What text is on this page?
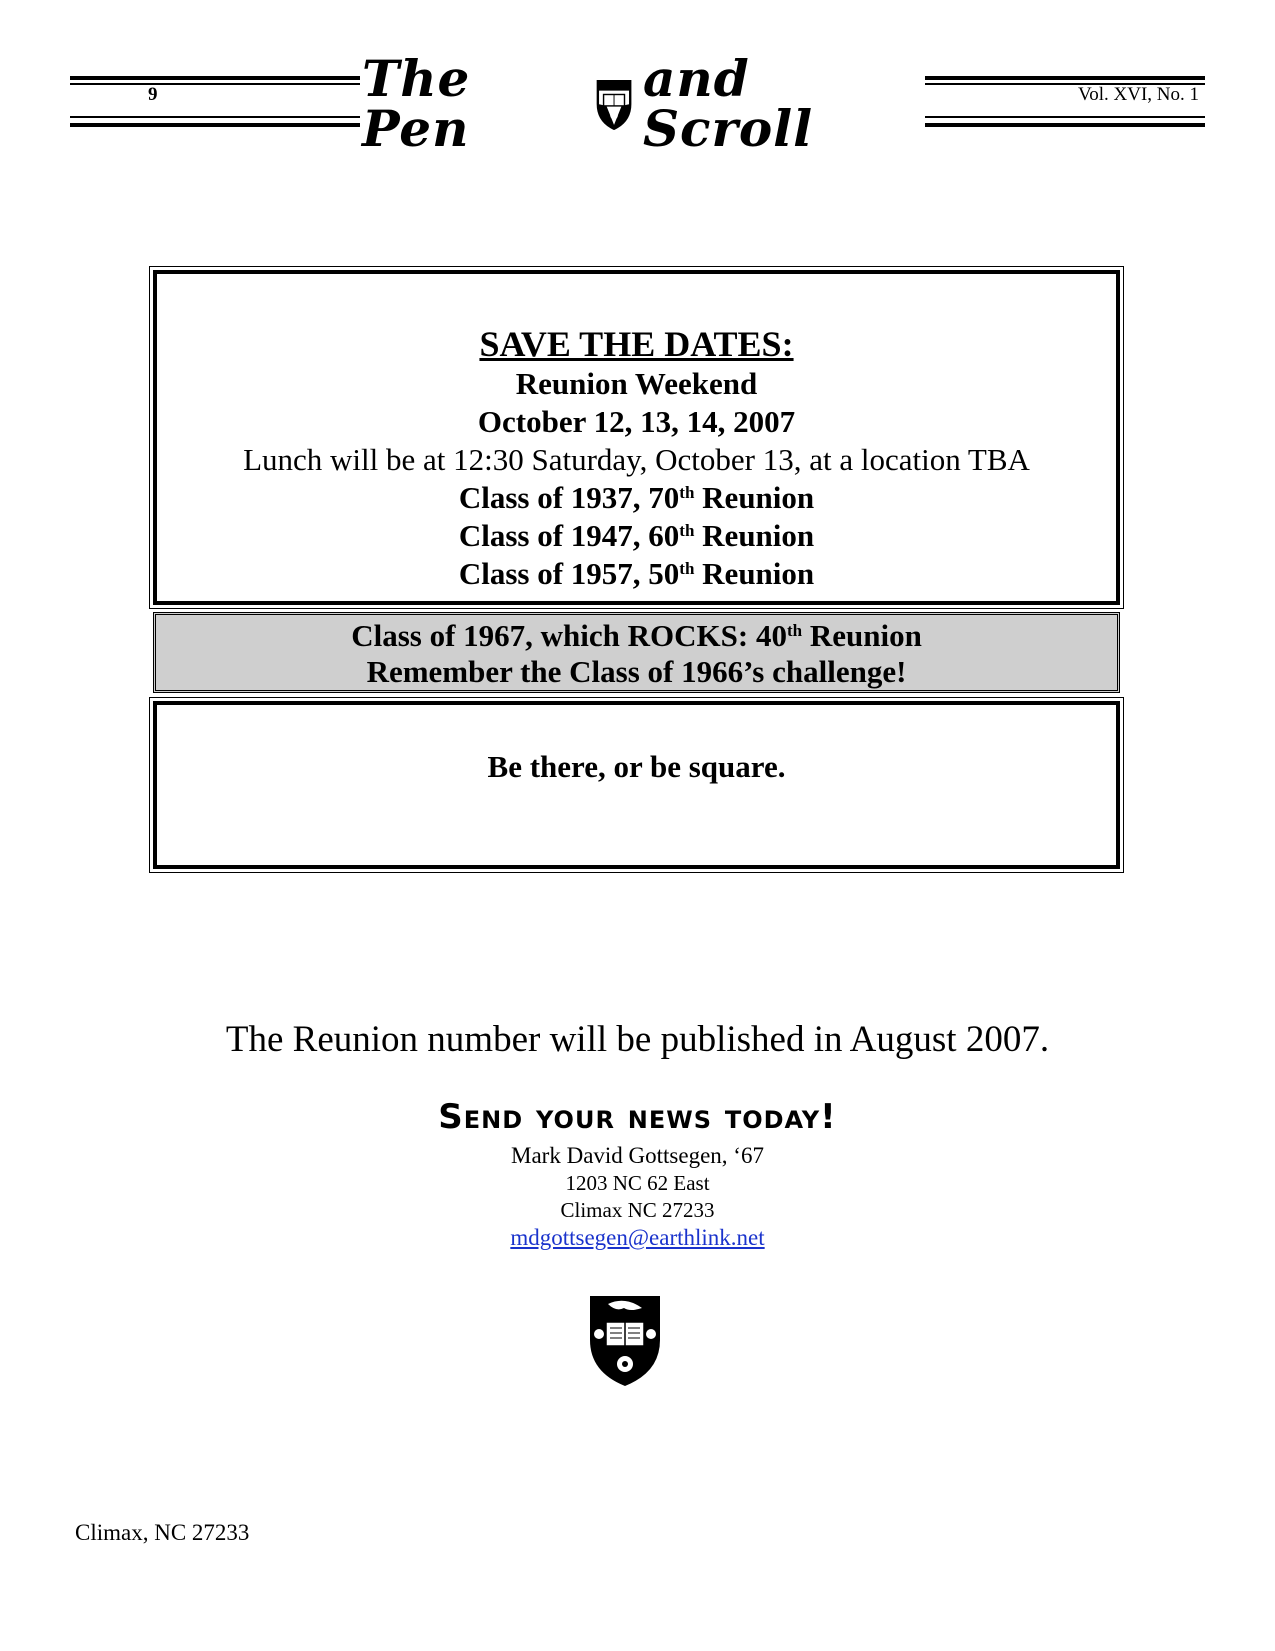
9	The Pen
and Scroll
Vol. XVI, No. 1
SAVE THE DATES:
Reunion Weekend
October 12, 13, 14, 2007
Lunch will be at 12:30 Saturday, October 13, at a location TBA
Class of 1937, 70th Reunion
Class of 1947, 60th Reunion
Class of 1957, 50th Reunion
Class of 1967, which ROCKS: 40th Reunion
Remember the Class of 1966’s challenge!
Be there, or be square.
The Reunion number will be published in August 2007.
Send your news today!
Mark David Gottsegen, ‘67
1203 NC 62 East
Climax NC 27233
mdgottsegen@earthlink.net
Climax, NC 27233
